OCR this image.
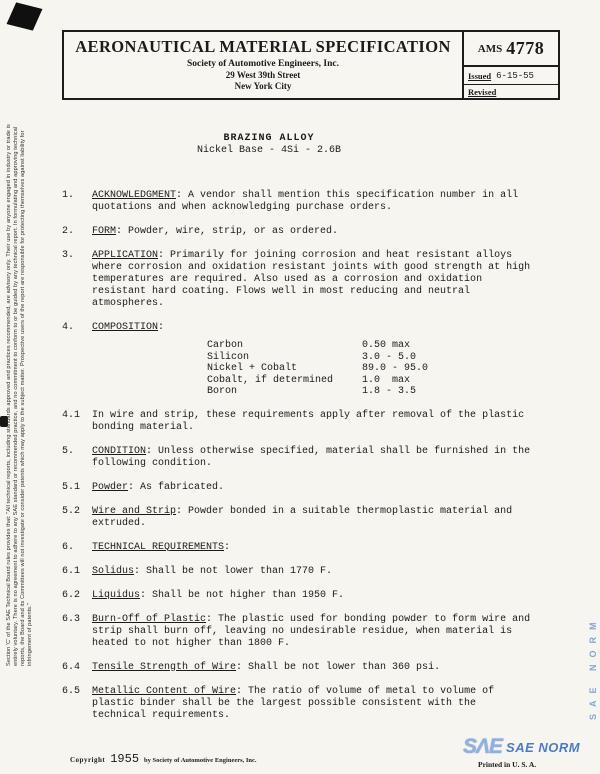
Section 'C' of the SAE Technical Board rules provides that: "All technical reports, including standards approved and practices recommended, are advisory only. Their use by anyone engaged in industry or trade is entirely voluntary. There is no agreement to adhere to any SAE standard or recommended practice, and no commitment to conform to or be guided by any technical report. In formulating and approving technical reports, the Board and its Committees will not investigate or consider patents which may apply to the subject matter. Prospective users of the report are responsible for protecting themselves against liability for infringement of patents."
AERONAUTICAL MATERIAL SPECIFICATION
Society of Automotive Engineers, Inc.
29 West 39th Street
New York City
AMS 4778
Issued 6-15-55
Revised
BRAZING ALLOY
Nickel Base - 4Si - 2.6B
1.	ACKNOWLEDGMENT: A vendor shall mention this specification number in all quotations and when acknowledging purchase orders.
2.	FORM: Powder, wire, strip, or as ordered.
3.	APPLICATION: Primarily for joining corrosion and heat resistant alloys where corrosion and oxidation resistant joints with good strength at high temperatures are required. Also used as a corrosion and oxidation resistant hard coating. Flows well in most reducing and neutral atmospheres.
4.	COMPOSITION:
Carbon	0.50 max
Silicon	3.0 - 5.0
Nickel + Cobalt	89.0 - 95.0
Cobalt, if determined	1.0  max
Boron	1.8 - 3.5
4.1	In wire and strip, these requirements apply after removal of the plastic bonding material.
5.	CONDITION: Unless otherwise specified, material shall be furnished in the following condition.
5.1	Powder: As fabricated.
5.2	Wire and Strip: Powder bonded in a suitable thermoplastic material and extruded.
6.	TECHNICAL REQUIREMENTS:
6.1	Solidus: Shall be not lower than 1770 F.
6.2	Liquidus: Shall be not higher than 1950 F.
6.3	Burn-Off of Plastic: The plastic used for bonding powder to form wire and strip shall burn off, leaving no undesirable residue, when material is heated to not higher than 1800 F.
6.4	Tensile Strength of Wire: Shall be not lower than 360 psi.
6.5	Metallic Content of Wire: The ratio of volume of metal to volume of plastic binder shall be the largest possible consistent with the technical requirements.
Copyright 1955 by Society of Automotive Engineers, Inc.
SΛE SAE NORM
Printed in U. S. A.
SAE NORM
